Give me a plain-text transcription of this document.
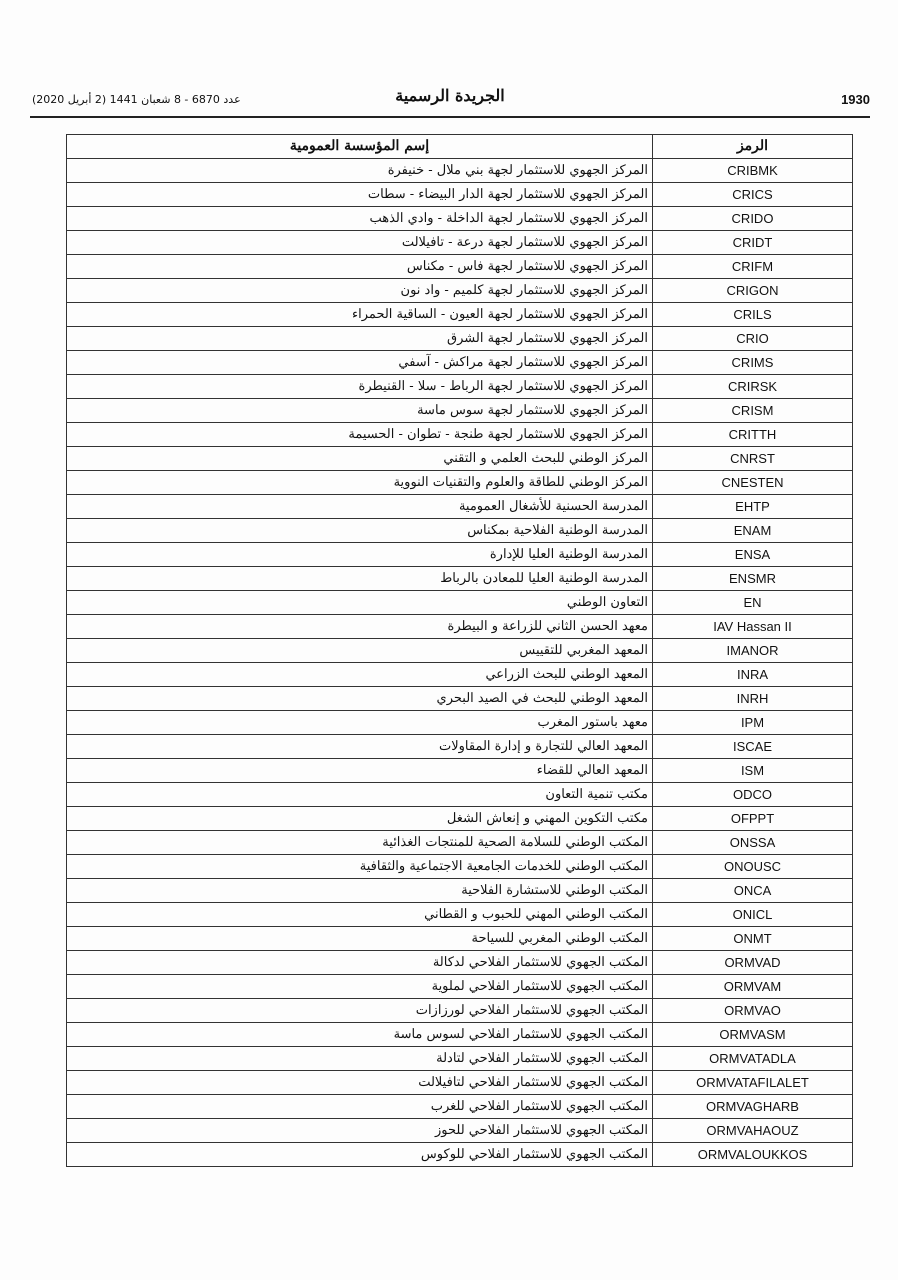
1930
الجريدة الرسمية
عدد 6870 - 8 شعبان 1441 (2 أبريل 2020)
إسم المؤسسة العمومية	الرمز
المركز الجهوي للاستثمار لجهة بني ملال - خنيفرة	CRIBMK
المركز الجهوي للاستثمار لجهة الدار البيضاء - سطات	CRICS
المركز الجهوي للاستثمار لجهة الداخلة - وادي الذهب	CRIDO
المركز الجهوي للاستثمار لجهة درعة - تافيلالت	CRIDT
المركز الجهوي للاستثمار لجهة فاس - مكناس	CRIFM
المركز الجهوي للاستثمار لجهة كلميم - واد نون	CRIGON
المركز الجهوي للاستثمار لجهة العيون - الساقية الحمراء	CRILS
المركز الجهوي للاستثمار لجهة الشرق	CRIO
المركز الجهوي للاستثمار لجهة مراكش - آسفي	CRIMS
المركز الجهوي للاستثمار لجهة الرباط - سلا - القنيطرة	CRIRSK
المركز الجهوي للاستثمار لجهة سوس ماسة	CRISM
المركز الجهوي للاستثمار لجهة طنجة - تطوان - الحسيمة	CRITTH
المركز الوطني للبحث العلمي و التقني	CNRST
المركز الوطني للطاقة والعلوم والتقنيات النووية	CNESTEN
المدرسة الحسنية للأشغال العمومية	EHTP
المدرسة الوطنية الفلاحية بمكناس	ENAM
المدرسة الوطنية العليا للإدارة	ENSA
المدرسة الوطنية العليا للمعادن بالرباط	ENSMR
التعاون الوطني	EN
معهد الحسن الثاني للزراعة و البيطرة	IAV Hassan II
المعهد المغربي للتقييس	IMANOR
المعهد الوطني للبحث الزراعي	INRA
المعهد الوطني للبحث في الصيد البحري	INRH
معهد باستور المغرب	IPM
المعهد العالي للتجارة و إدارة المقاولات	ISCAE
المعهد العالي للقضاء	ISM
مكتب تنمية التعاون	ODCO
مكتب التكوين المهني و إنعاش الشغل	OFPPT
المكتب الوطني للسلامة الصحية للمنتجات الغذائية	ONSSA
المكتب الوطني للخدمات الجامعية الاجتماعية والثقافية	ONOUSC
المكتب الوطني للاستشارة الفلاحية	ONCA
المكتب الوطني المهني للحبوب و القطاني	ONICL
المكتب الوطني المغربي للسياحة	ONMT
المكتب الجهوي للاستثمار الفلاحي لدكالة	ORMVAD
المكتب الجهوي للاستثمار الفلاحي لملوية	ORMVAM
المكتب الجهوي للاستثمار الفلاحي لورزازات	ORMVAO
المكتب الجهوي للاستثمار الفلاحي لسوس ماسة	ORMVASM
المكتب الجهوي للاستثمار الفلاحي لتادلة	ORMVATADLA
المكتب الجهوي للاستثمار الفلاحي لتافيلالت	ORMVATAFILALET
المكتب الجهوي للاستثمار الفلاحي للغرب	ORMVAGHARB
المكتب الجهوي للاستثمار الفلاحي للحوز	ORMVAHAOUZ
المكتب الجهوي للاستثمار الفلاحي للوكوس	ORMVALOUKKOS
